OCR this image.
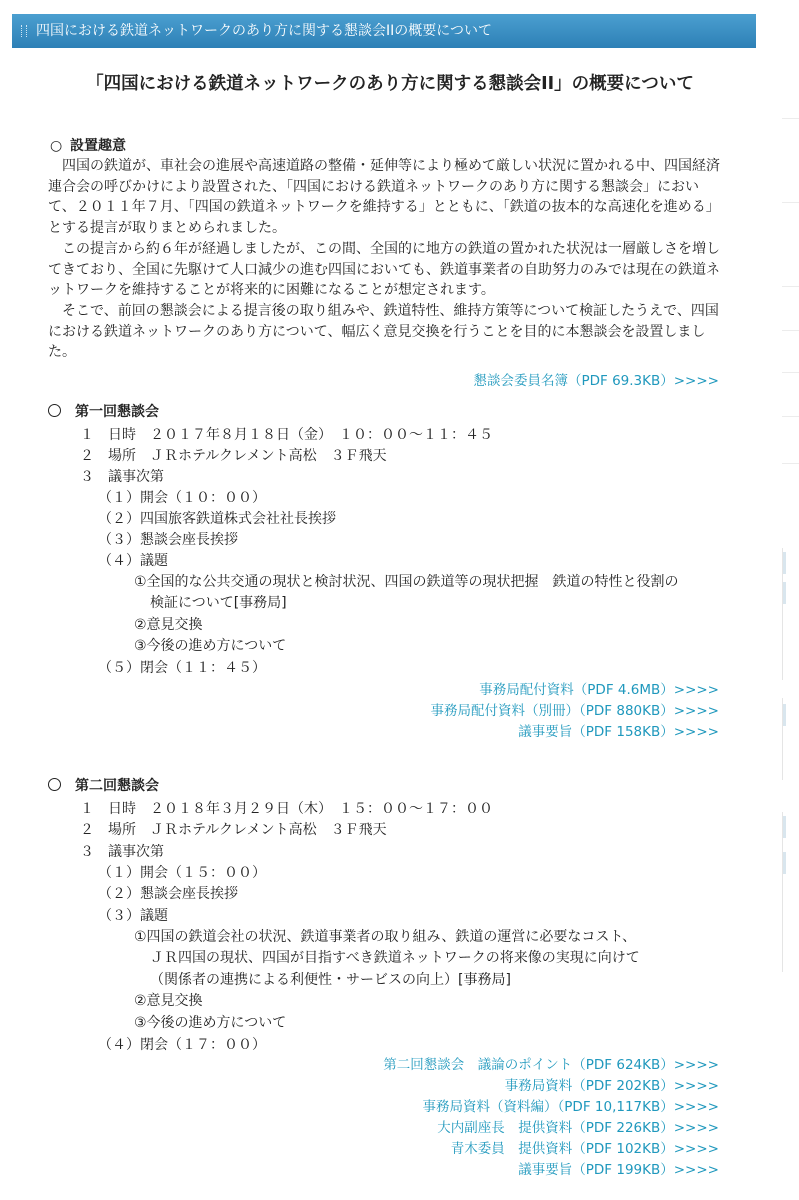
四国における鉄道ネットワークのあり方に関する懇談会IIの概要について
「四国における鉄道ネットワークのあり方に関する懇談会II」の概要について
○ 設置趣意

四国の鉄道が、車社会の進展や高速道路の整備・延伸等により極めて厳しい状況に置かれる中、四国経済連合会の呼びかけにより設置された、「四国における鉄道ネットワークのあり方に関する懇談会」において、２０１１年７月、「四国の鉄道ネットワークを維持する」とともに、「鉄道の抜本的な高速化を進める」とする提言が取りまとめられました。

この提言から約６年が経過しましたが、この間、全国的に地方の鉄道の置かれた状況は一層厳しさを増してきており、全国に先駆けて人口減少の進む四国においても、鉄道事業者の自助努力のみでは現在の鉄道ネットワークを維持することが将来的に困難になることが想定されます。

そこで、前回の懇談会による提言後の取り組みや、鉄道特性、維持方策等について検証したうえで、四国における鉄道ネットワークのあり方について、幅広く意見交換を行うことを目的に本懇談会を設置しました。

懇談会委員名簿（PDF 69.3KB）>>>>
第一回懇談会
１　日時　２０１７年８月１８日（金）　１０：００〜１１：４５
２　場所　ＪＲホテルクレメント高松　３Ｆ飛天
３　議事次第
（１）開会（１０：００）
（２）四国旅客鉄道株式会社社長挨拶
（３）懇談会座長挨拶
（４）議題
①全国的な公共交通の現状と検討状況、四国の鉄道等の現状把握　鉄道の特性と役割の
検証について[事務局]
②意見交換
③今後の進め方について
（５）閉会（１１：４５）
事務局配付資料（PDF 4.6MB）>>>>
事務局配付資料（別冊）（PDF 880KB）>>>>
議事要旨（PDF 158KB）>>>>
第二回懇談会
１　日時　２０１８年３月２９日（木）　１５：００〜１７：００
２　場所　ＪＲホテルクレメント高松　３Ｆ飛天
３　議事次第
（１）開会（１５：００）
（２）懇談会座長挨拶
（３）議題
①四国の鉄道会社の状況、鉄道事業者の取り組み、鉄道の運営に必要なコスト、
ＪＲ四国の現状、四国が目指すべき鉄道ネットワークの将来像の実現に向けて
（関係者の連携による利便性・サービスの向上）[事務局]
②意見交換
③今後の進め方について
（４）閉会（１７：００）
第二回懇談会　議論のポイント（PDF 624KB）>>>>
事務局資料（PDF 202KB）>>>>
事務局資料（資料編）（PDF 10,117KB）>>>>
大内副座長　提供資料（PDF 226KB）>>>>
青木委員　提供資料（PDF 102KB）>>>>
議事要旨（PDF 199KB）>>>>
